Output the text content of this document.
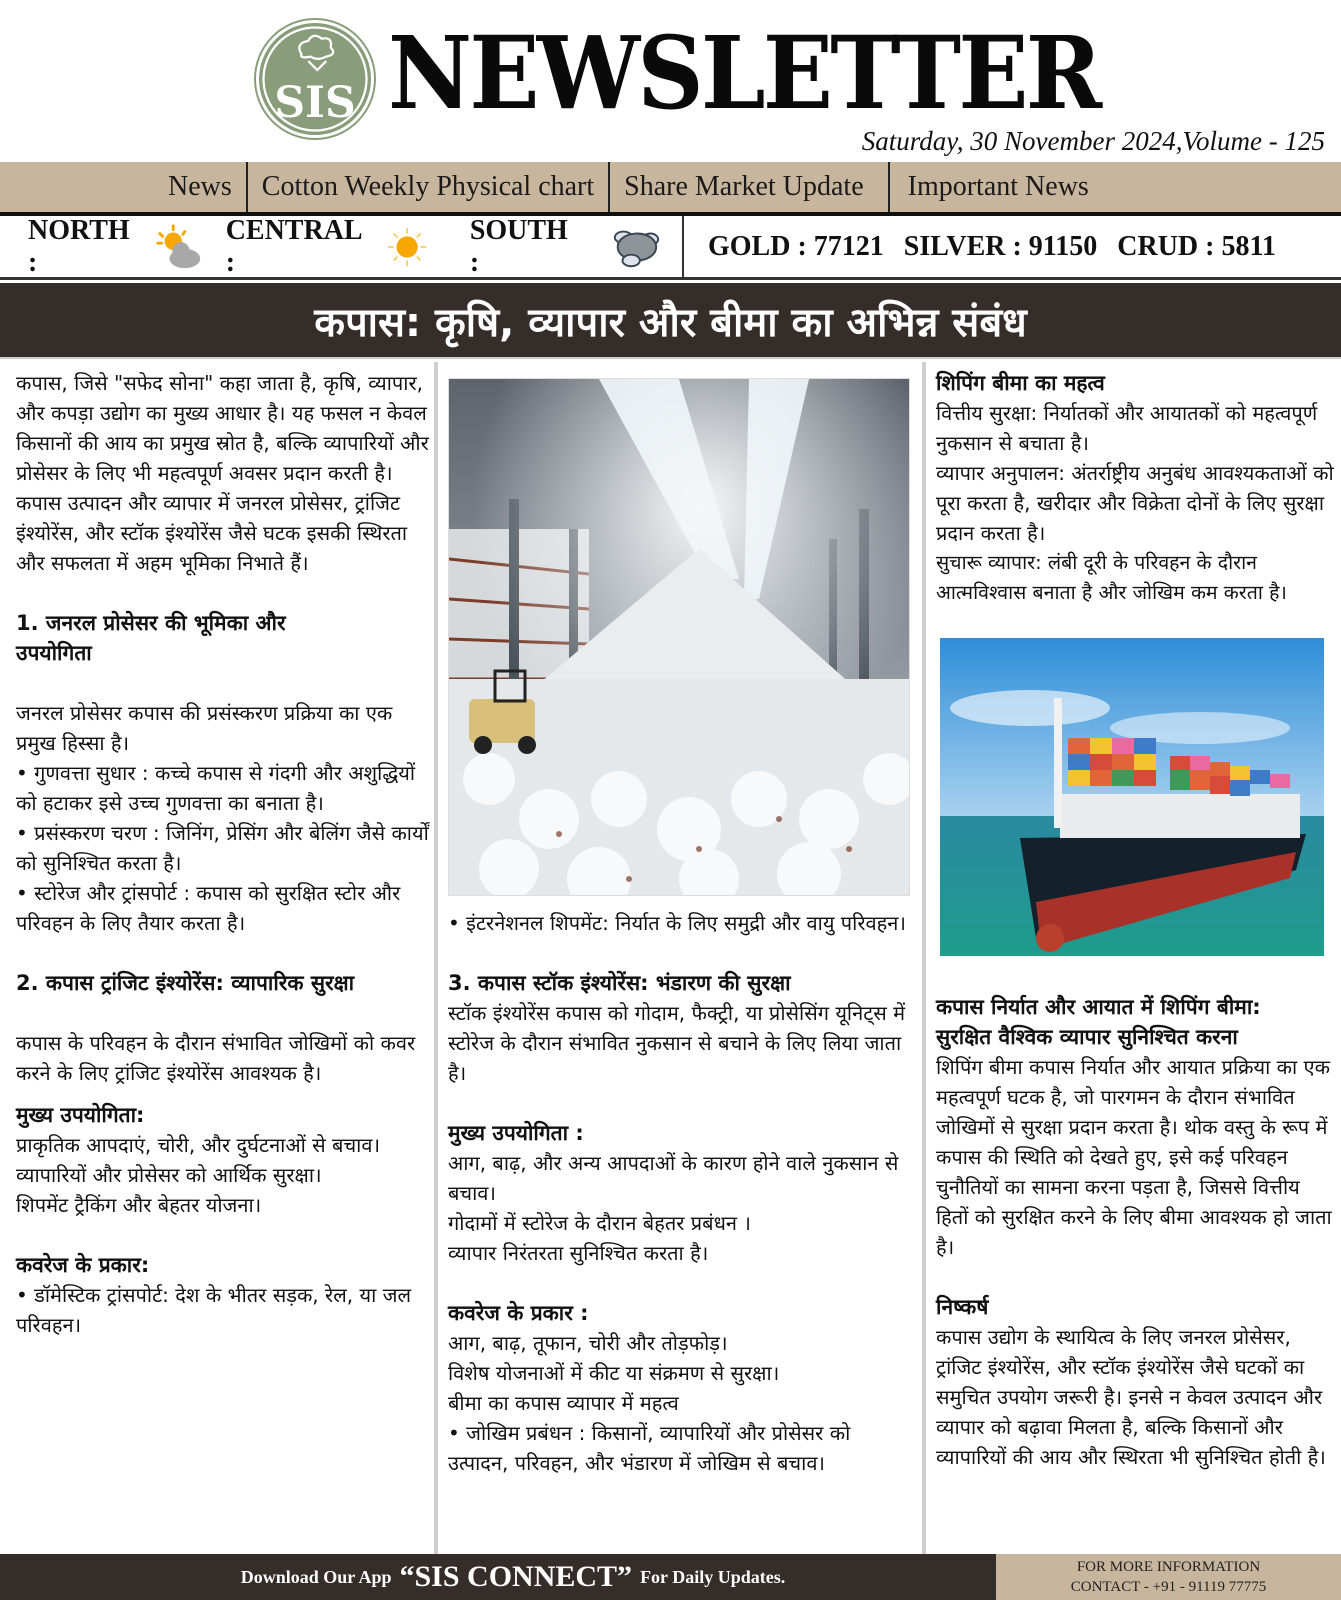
SIS NEWSLETTER
Saturday, 30 November 2024,Volume - 125
News	Cotton Weekly Physical chart	Share Market Update	Important News
NORTH :
CENTRAL :
SOUTH :
GOLD : 77121 SILVER : 91150 CRUD : 5811
कपास: कृषि, व्यापार और बीमा का अभिन्न संबंध

कपास, जिसे "सफेद सोना" कहा जाता है, कृषि, व्यापार, और कपड़ा उद्योग का मुख्य आधार है। यह फसल न केवल किसानों की आय का प्रमुख स्रोत है, बल्कि व्यापारियों और प्रोसेसर के लिए भी महत्वपूर्ण अवसर प्रदान करती है। कपास उत्पादन और व्यापार में जनरल प्रोसेसर, ट्रांजिट इंश्योरेंस, और स्टॉक इंश्योरेंस जैसे घटक इसकी स्थिरता और सफलता में अहम भूमिका निभाते हैं।

1. जनरल प्रोसेसर की भूमिका और उपयोगिता

जनरल प्रोसेसर कपास की प्रसंस्करण प्रक्रिया का एक प्रमुख हिस्सा है।

• गुणवत्ता सुधार : कच्चे कपास से गंदगी और अशुद्धियों को हटाकर इसे उच्च गुणवत्ता का बनाता है।

• प्रसंस्करण चरण : जिनिंग, प्रेसिंग और बेलिंग जैसे कार्यों को सुनिश्चित करता है।

• स्टोरेज और ट्रांसपोर्ट : कपास को सुरक्षित स्टोर और परिवहन के लिए तैयार करता है।

2. कपास ट्रांजिट इंश्योरेंस: व्यापारिक सुरक्षा

कपास के परिवहन के दौरान संभावित जोखिमों को कवर करने के लिए ट्रांजिट इंश्योरेंस आवश्यक है।

मुख्य उपयोगिता:

प्राकृतिक आपदाएं, चोरी, और दुर्घटनाओं से बचाव।

व्यापारियों और प्रोसेसर को आर्थिक सुरक्षा।

शिपमेंट ट्रैकिंग और बेहतर योजना।

कवरेज के प्रकार:

• डॉमेस्टिक ट्रांसपोर्ट: देश के भीतर सड़क, रेल, या जल परिवहन।

• इंटरनेशनल शिपमेंट: निर्यात के लिए समुद्री और वायु परिवहन।

3. कपास स्टॉक इंश्योरेंस: भंडारण की सुरक्षा

स्टॉक इंश्योरेंस कपास को गोदाम, फैक्ट्री, या प्रोसेसिंग यूनिट्स में स्टोरेज के दौरान संभावित नुकसान से बचाने के लिए लिया जाता है।

मुख्य उपयोगिता :

आग, बाढ़, और अन्य आपदाओं के कारण होने वाले नुकसान से बचाव।

गोदामों में स्टोरेज के दौरान बेहतर प्रबंधन ।

व्यापार निरंतरता सुनिश्चित करता है।

कवरेज के प्रकार :

आग, बाढ़, तूफान, चोरी और तोड़फोड़।

विशेष योजनाओं में कीट या संक्रमण से सुरक्षा।

बीमा का कपास व्यापार में महत्व

• जोखिम प्रबंधन : किसानों, व्यापारियों और प्रोसेसर को उत्पादन, परिवहन, और भंडारण में जोखिम से बचाव।

शिपिंग बीमा का महत्व

वित्तीय सुरक्षा: निर्यातकों और आयातकों को महत्वपूर्ण नुकसान से बचाता है।

व्यापार अनुपालन: अंतर्राष्ट्रीय अनुबंध आवश्यकताओं को पूरा करता है, खरीदार और विक्रेता दोनों के लिए सुरक्षा प्रदान करता है।

सुचारू व्यापार: लंबी दूरी के परिवहन के दौरान आत्मविश्वास बनाता है और जोखिम कम करता है।

कपास निर्यात और आयात में शिपिंग बीमा: सुरक्षित वैश्विक व्यापार सुनिश्चित करना

शिपिंग बीमा कपास निर्यात और आयात प्रक्रिया का एक महत्वपूर्ण घटक है, जो पारगमन के दौरान संभावित जोखिमों से सुरक्षा प्रदान करता है। थोक वस्तु के रूप में कपास की स्थिति को देखते हुए, इसे कई परिवहन चुनौतियों का सामना करना पड़ता है, जिससे वित्तीय हितों को सुरक्षित करने के लिए बीमा आवश्यक हो जाता है।

निष्कर्ष

कपास उद्योग के स्थायित्व के लिए जनरल प्रोसेसर, ट्रांजिट इंश्योरेंस, और स्टॉक इंश्योरेंस जैसे घटकों का समुचित उपयोग जरूरी है। इनसे न केवल उत्पादन और व्यापार को बढ़ावा मिलता है, बल्कि किसानों और व्यापारियों की आय और स्थिरता भी सुनिश्चित होती है।

Download Our App “SIS CONNECT” For Daily Updates.	FOR MORE INFORMATION
CONTACT - +91 - 91119 77775
